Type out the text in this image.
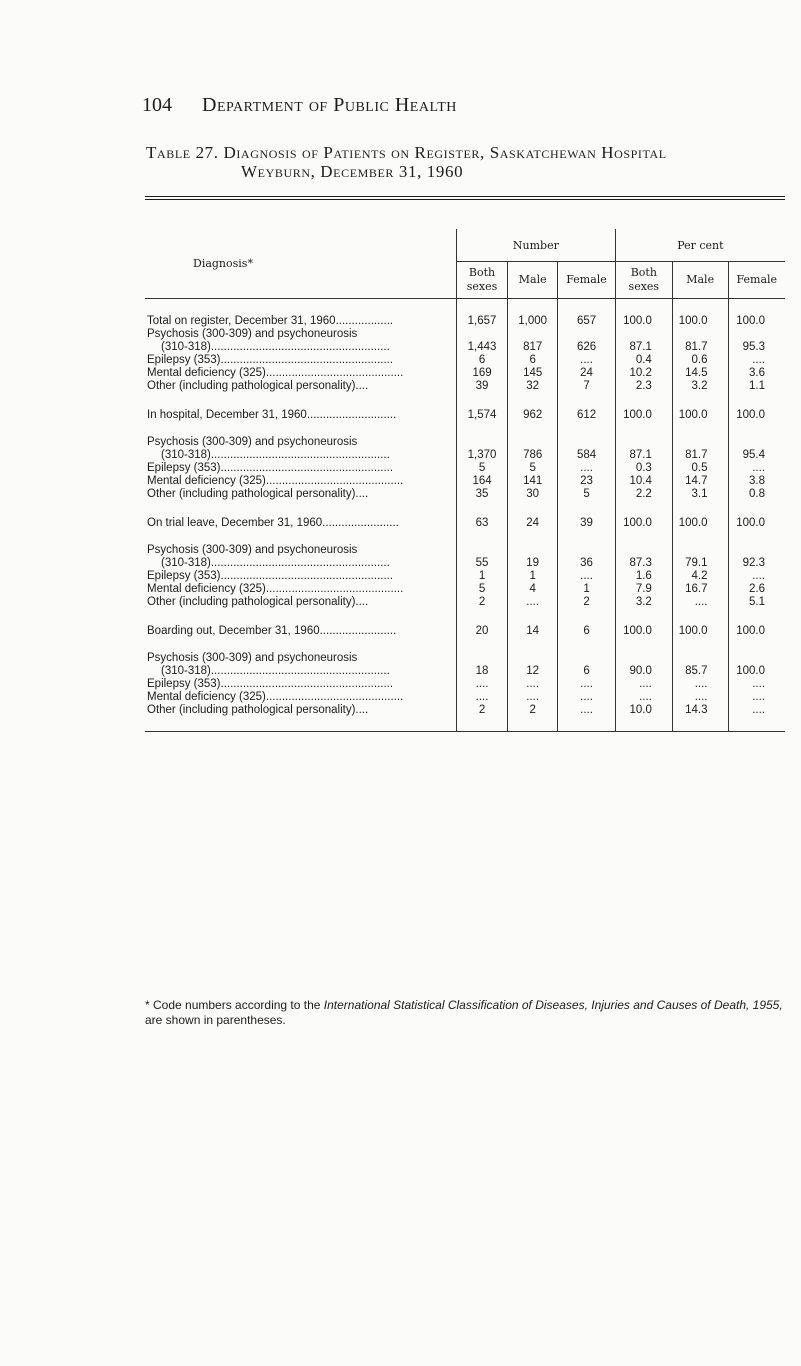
104 Department of Public Health
Table 27. Diagnosis of Patients on Register, Saskatchewan Hospital
Weyburn, December 31, 1960
Diagnosis*	Number			Per cent		
	Both sexes	Male	Female	Both sexes	Male	Female

Total on register, December 31, 1960..................	1,657	1,000	657	100.0	100.0	100.0
Psychosis (300-309) and psychoneurosis						
(310-318)........................................................	1,443	817	626	87.1	81.7	95.3
Epilepsy (353)......................................................	6	6	....	0.4	0.6	....
Mental deficiency (325)...........................................	169	145	24	10.2	14.5	3.6
Other (including pathological personality)....	39	32	7	2.3	3.2	1.1

In hospital, December 31, 1960............................	1,574	962	612	100.0	100.0	100.0

Psychosis (300-309) and psychoneurosis						
(310-318)........................................................	1,370	786	584	87.1	81.7	95.4
Epilepsy (353)......................................................	5	5	....	0.3	0.5	....
Mental deficiency (325)...........................................	164	141	23	10.4	14.7	3.8
Other (including pathological personality)....	35	30	5	2.2	3.1	0.8

On trial leave, December 31, 1960........................	63	24	39	100.0	100.0	100.0

Psychosis (300-309) and psychoneurosis						
(310-318)........................................................	55	19	36	87.3	79.1	92.3
Epilepsy (353)......................................................	1	1	....	1.6	4.2	....
Mental deficiency (325)...........................................	5	4	1	7.9	16.7	2.6
Other (including pathological personality)....	2	....	2	3.2	....	5.1

Boarding out, December 31, 1960........................	20	14	6	100.0	100.0	100.0

Psychosis (300-309) and psychoneurosis						
(310-318)........................................................	18	12	6	90.0	85.7	100.0
Epilepsy (353)......................................................	....	....	....	....	....	....
Mental deficiency (325)...........................................	....	....	....	....	....	....
Other (including pathological personality)....	2	2	....	10.0	14.3	....

* Code numbers according to the International Statistical Classification of Diseases, Injuries and Causes of Death, 1955, are shown in parentheses.
